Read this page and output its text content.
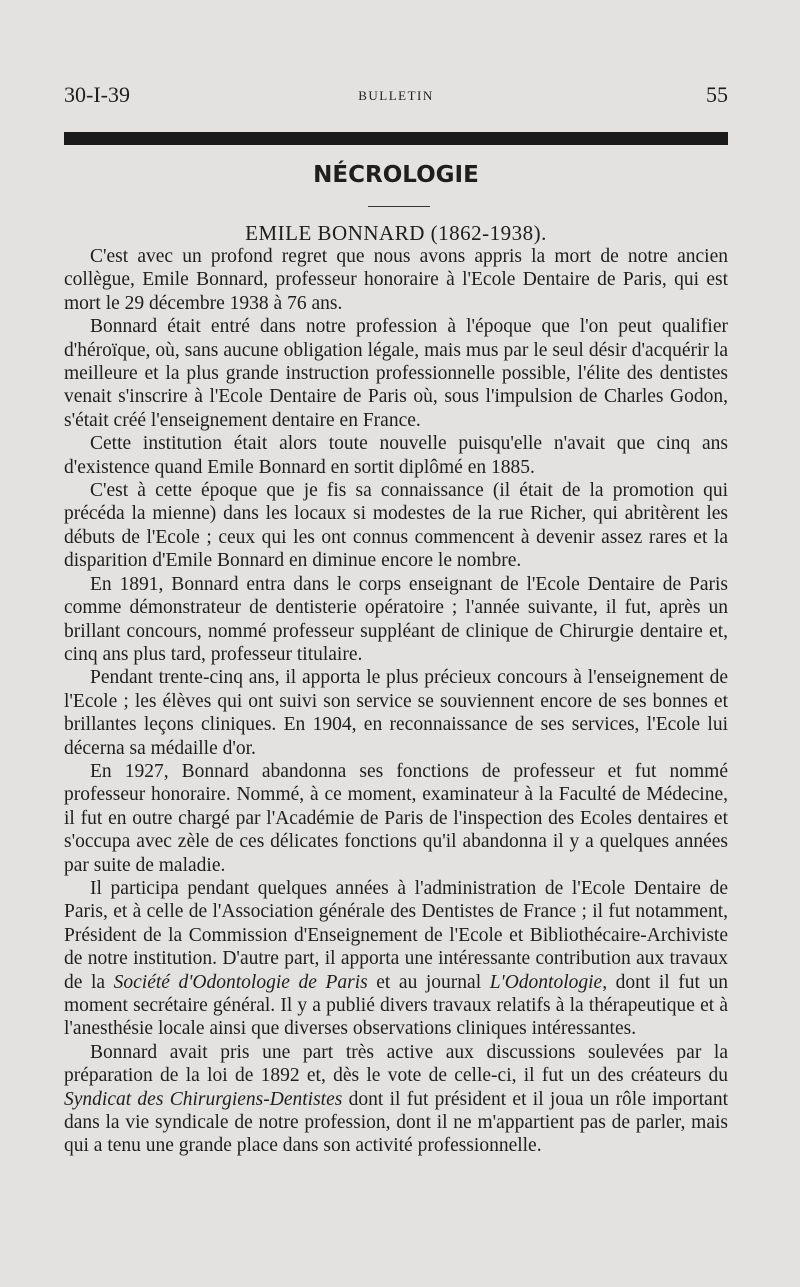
30-I-39	BULLETIN	55
NÉCROLOGIE
EMILE BONNARD (1862-1938).

C'est avec un profond regret que nous avons appris la mort de notre ancien collègue, Emile Bonnard, professeur honoraire à l'Ecole Dentaire de Paris, qui est mort le 29 décembre 1938 à 76 ans.

Bonnard était entré dans notre profession à l'époque que l'on peut qualifier d'héroïque, où, sans aucune obligation légale, mais mus par le seul désir d'acquérir la meilleure et la plus grande instruction professionnelle possible, l'élite des dentistes venait s'inscrire à l'Ecole Dentaire de Paris où, sous l'impulsion de Charles Godon, s'était créé l'enseignement dentaire en France.

Cette institution était alors toute nouvelle puisqu'elle n'avait que cinq ans d'existence quand Emile Bonnard en sortit diplômé en 1885.

C'est à cette époque que je fis sa connaissance (il était de la promotion qui précéda la mienne) dans les locaux si modestes de la rue Richer, qui abritèrent les débuts de l'Ecole ; ceux qui les ont connus commencent à devenir assez rares et la disparition d'Emile Bonnard en diminue encore le nombre.

En 1891, Bonnard entra dans le corps enseignant de l'Ecole Dentaire de Paris comme démonstrateur de dentisterie opératoire ; l'année suivante, il fut, après un brillant concours, nommé professeur suppléant de clinique de Chirurgie dentaire et, cinq ans plus tard, professeur titulaire.

Pendant trente-cinq ans, il apporta le plus précieux concours à l'enseignement de l'Ecole ; les élèves qui ont suivi son service se souviennent encore de ses bonnes et brillantes leçons cliniques. En 1904, en reconnaissance de ses services, l'Ecole lui décerna sa médaille d'or.

En 1927, Bonnard abandonna ses fonctions de professeur et fut nommé professeur honoraire. Nommé, à ce moment, examinateur à la Faculté de Médecine, il fut en outre chargé par l'Académie de Paris de l'inspection des Ecoles dentaires et s'occupa avec zèle de ces délicates fonctions qu'il abandonna il y a quelques années par suite de maladie.

Il participa pendant quelques années à l'administration de l'Ecole Dentaire de Paris, et à celle de l'Association générale des Dentistes de France ; il fut notamment, Président de la Commission d'Enseignement de l'Ecole et Bibliothécaire-Archiviste de notre institution. D'autre part, il apporta une intéressante contribution aux travaux de la Société d'Odontologie de Paris et au journal L'Odontologie, dont il fut un moment secrétaire général. Il y a publié divers travaux relatifs à la thérapeutique et à l'anesthésie locale ainsi que diverses observations cliniques intéressantes.

Bonnard avait pris une part très active aux discussions soulevées par la préparation de la loi de 1892 et, dès le vote de celle-ci, il fut un des créateurs du Syndicat des Chirurgiens-Dentistes dont il fut président et il joua un rôle important dans la vie syndicale de notre profession, dont il ne m'appartient pas de parler, mais qui a tenu une grande place dans son activité professionnelle.
